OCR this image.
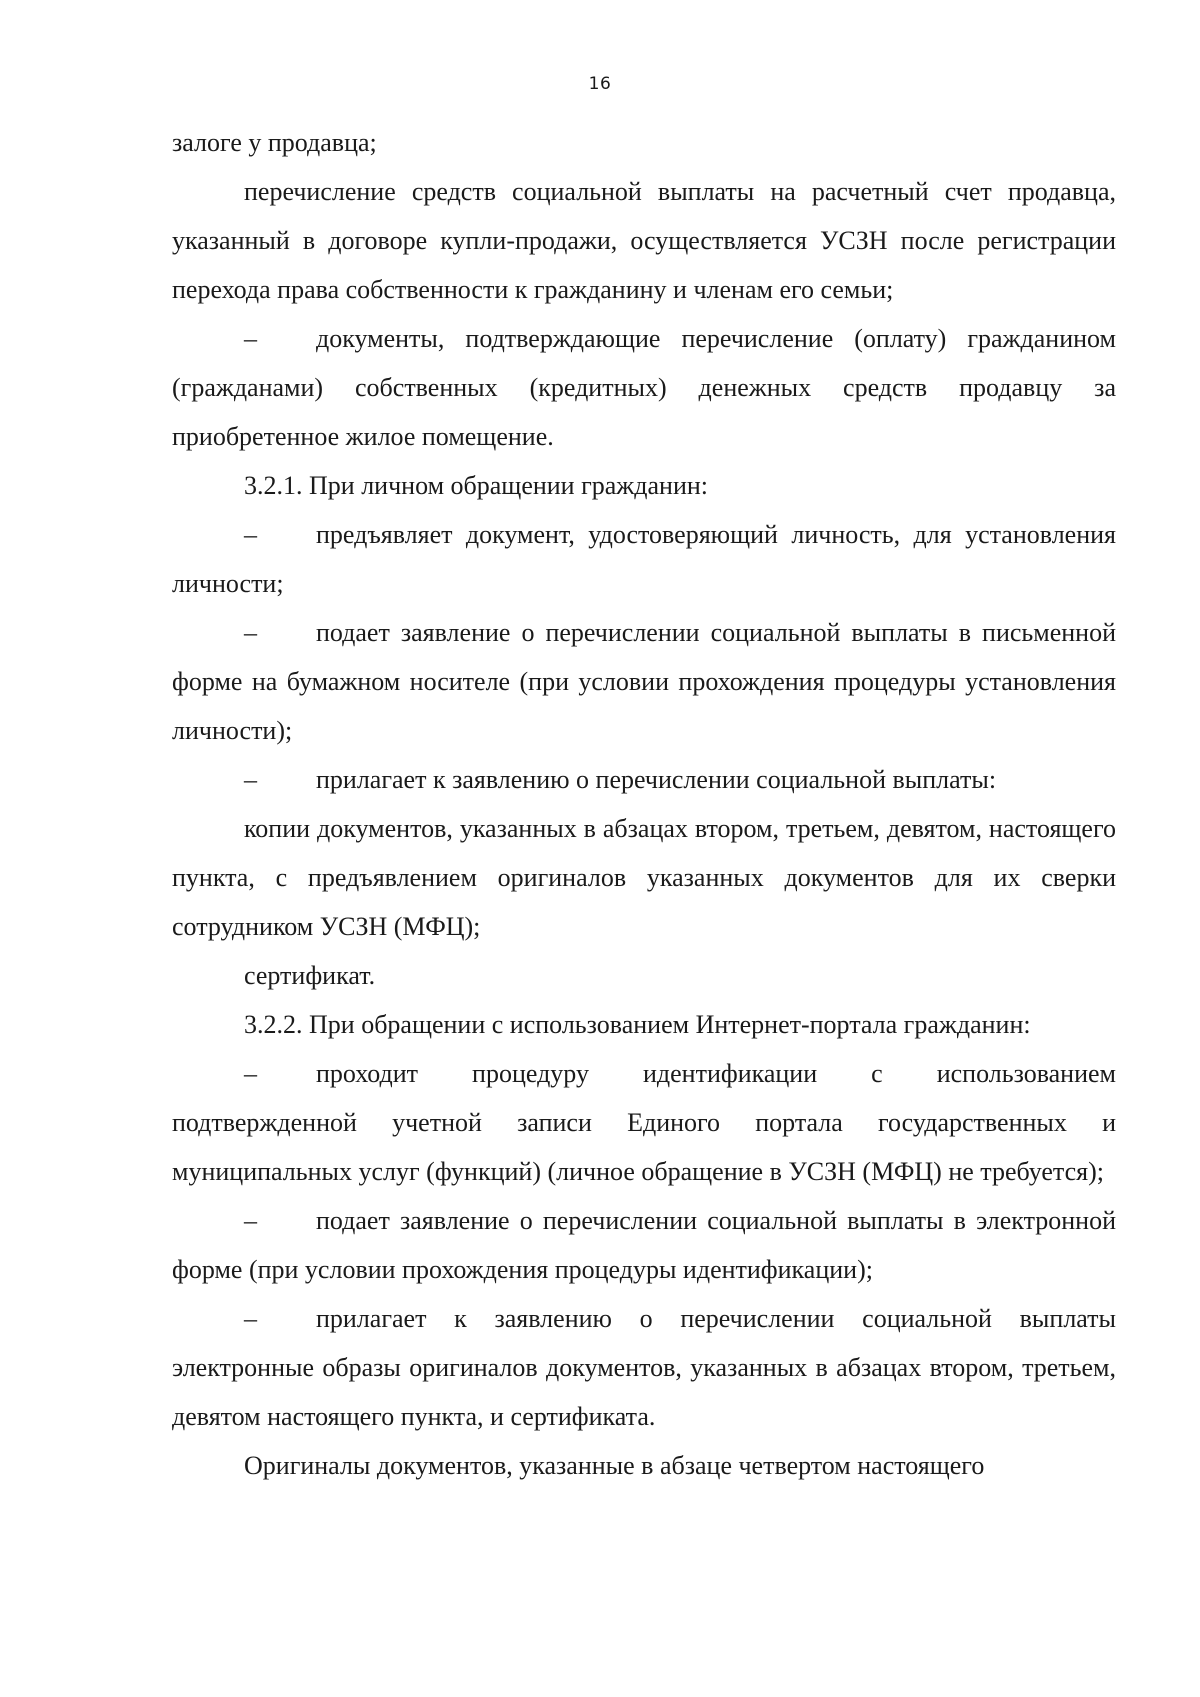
16

залоге у продавца;

перечисление средств социальной выплаты на расчетный счет продавца, указанный в договоре купли-продажи, осуществляется УСЗН после регистрации перехода права собственности к гражданину и членам его семьи;

– документы, подтверждающие перечисление (оплату) гражданином (гражданами) собственных (кредитных) денежных средств продавцу за приобретенное жилое помещение.

3.2.1. При личном обращении гражданин:

– предъявляет документ, удостоверяющий личность, для установления личности;

– подает заявление о перечислении социальной выплаты в письменной форме на бумажном носителе (при условии прохождения процедуры установления личности);

– прилагает к заявлению о перечислении социальной выплаты:

копии документов, указанных в абзацах втором, третьем, девятом, настоящего пункта, с предъявлением оригиналов указанных документов для их сверки сотрудником УСЗН (МФЦ);

сертификат.

3.2.2. При обращении с использованием Интернет-портала гражданин:

– проходит процедуру идентификации с использованием подтвержденной учетной записи Единого портала государственных и муниципальных услуг (функций) (личное обращение в УСЗН (МФЦ) не требуется);

– подает заявление о перечислении социальной выплаты в электронной форме (при условии прохождения процедуры идентификации);

– прилагает к заявлению о перечислении социальной выплаты электронные образы оригиналов документов, указанных в абзацах втором, третьем, девятом настоящего пункта, и сертификата.

Оригиналы документов, указанные в абзаце четвертом настоящего
